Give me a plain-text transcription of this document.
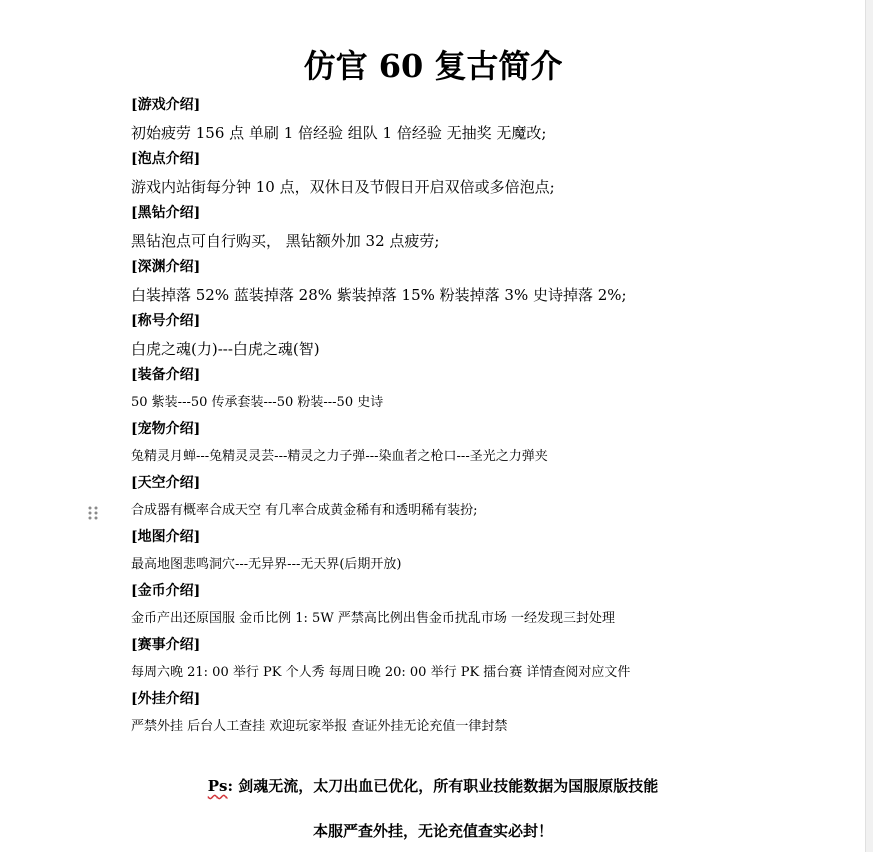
仿官 60 复古简介
[游戏介绍]
初始疲劳 156 点 单刷 1 倍经验 组队 1 倍经验 无抽奖 无魔改;
[泡点介绍]
游戏内站街每分钟 10 点，双休日及节假日开启双倍或多倍泡点;
[黑钻介绍]
黑钻泡点可自行购买， 黑钻额外加 32 点疲劳;
[深渊介绍]
白装掉落 52% 蓝装掉落 28% 紫装掉落 15% 粉装掉落 3% 史诗掉落 2%;
[称号介绍]
白虎之魂(力)---白虎之魂(智)
[装备介绍]
50 紫装---50 传承套装---50 粉装---50 史诗
[宠物介绍]
兔精灵月蝉---兔精灵灵芸---精灵之力子弹---染血者之枪口---圣光之力弹夹
[天空介绍]
合成器有概率合成天空 有几率合成黄金稀有和透明稀有装扮;
[地图介绍]
最高地图悲鸣洞穴---无异界---无天界(后期开放)
[金币介绍]
金币产出还原国服 金币比例 1: 5W 严禁高比例出售金币扰乱市场 一经发现三封处理
[赛事介绍]
每周六晚 21: 00 举行 PK 个人秀 每周日晚 20: 00 举行 PK 擂台赛 详情查阅对应文件
[外挂介绍]
严禁外挂 后台人工查挂 欢迎玩家举报 查证外挂无论充值一律封禁
Ps: 剑魂无流，太刀出血已优化，所有职业技能数据为国服原版技能
本服严查外挂，无论充值查实必封！
